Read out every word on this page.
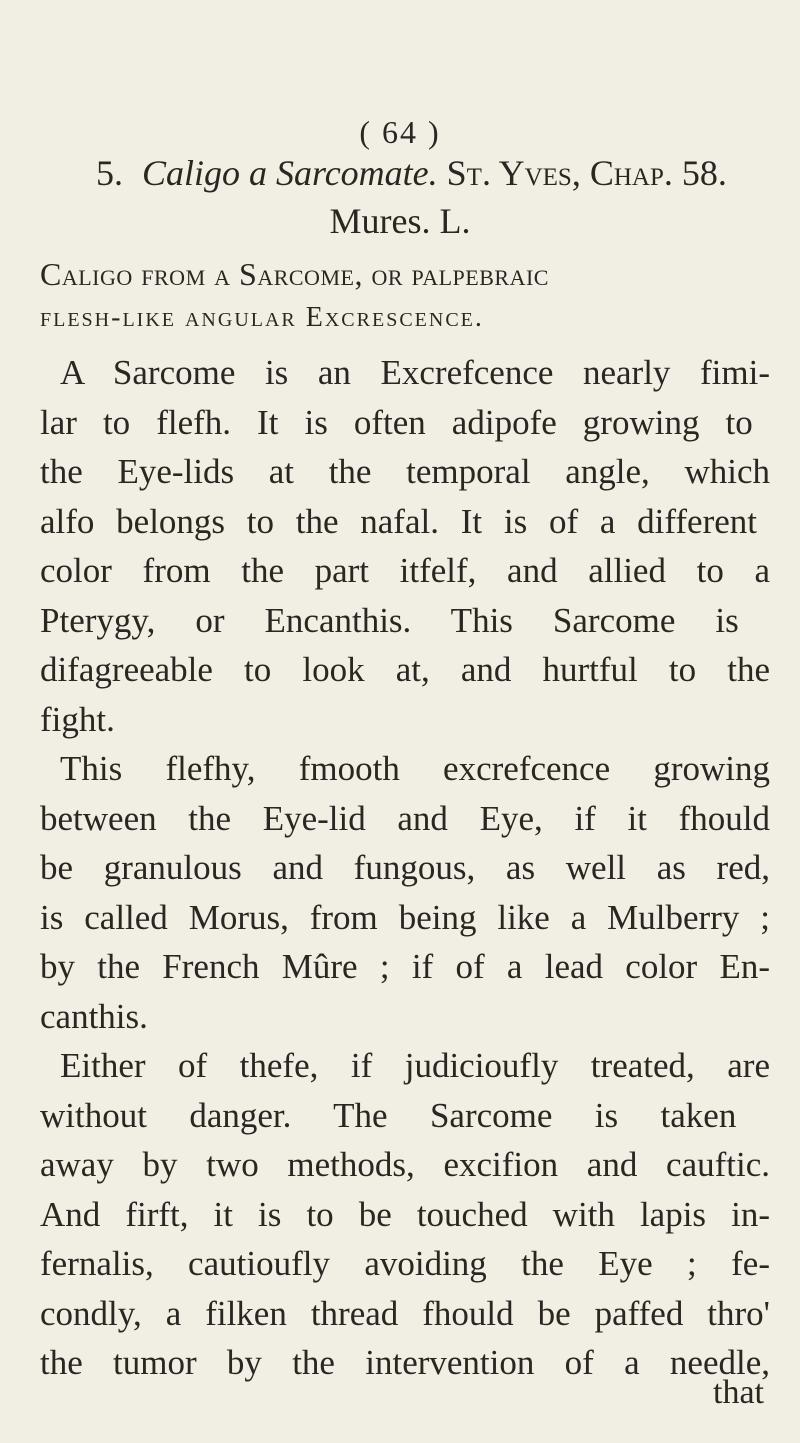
( 64 )
5. Caligo a Sarcomate. St. Yves, Chap. 58.
Mures. L.
Caligo from a Sarcome, or palpebraic
flesh-like angular Excrescence.
A Sarcome is an Excrefcence nearly fimi-
lar to flefh. It is often adipofe growing to
the Eye-lids at the temporal angle, which
alfo belongs to the nafal. It is of a different
color from the part itfelf, and allied to a
Pterygy, or Encanthis. This Sarcome is
difagreeable to look at, and hurtful to the
fight.
This flefhy, fmooth excrefcence growing
between the Eye-lid and Eye, if it fhould
be granulous and fungous, as well as red,
is called Morus, from being like a Mulberry ;
by the French Mûre ; if of a lead color En-
canthis.
Either of thefe, if judicioufly treated, are
without danger. The Sarcome is taken
away by two methods, excifion and cauftic.
And firft, it is to be touched with lapis in-
fernalis, cautioufly avoiding the Eye ; fe-
condly, a filken thread fhould be paffed thro'
the tumor by the intervention of a needle,
that
